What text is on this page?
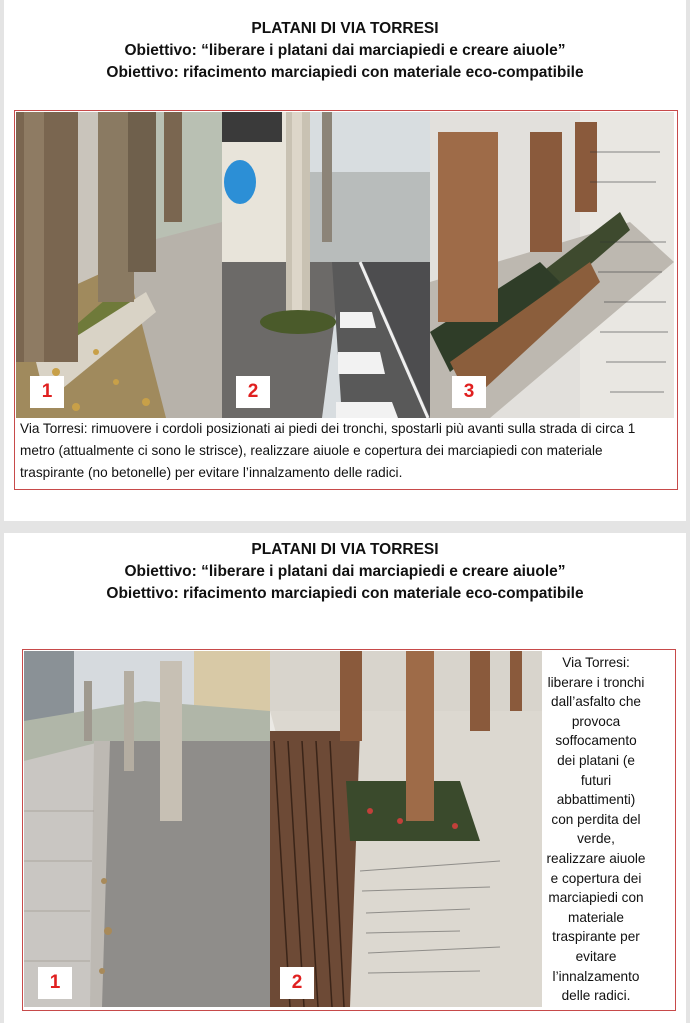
PLATANI DI VIA TORRESI
Obiettivo: “liberare i platani dai marciapiedi e creare aiuole”
Obiettivo: rifacimento marciapiedi con materiale eco-compatibile
1	2	3
Via Torresi: rimuovere i cordoli posizionati ai piedi dei tronchi, spostarli più avanti sulla strada di circa 1 metro (attualmente ci sono le strisce), realizzare aiuole e copertura dei marciapiedi con materiale traspirante (no betonelle) per evitare l’innalzamento delle radici.
PLATANI DI VIA TORRESI
Obiettivo: “liberare i platani dai marciapiedi e creare aiuole”
Obiettivo: rifacimento marciapiedi con materiale eco-compatibile
1	2
Via Torresi: liberare i tronchi dall’asfalto che provoca soffocamento dei platani (e futuri abbattimenti) con perdita del verde, realizzare aiuole e copertura dei marciapiedi con materiale traspirante per evitare l’innalzamento delle radici.
